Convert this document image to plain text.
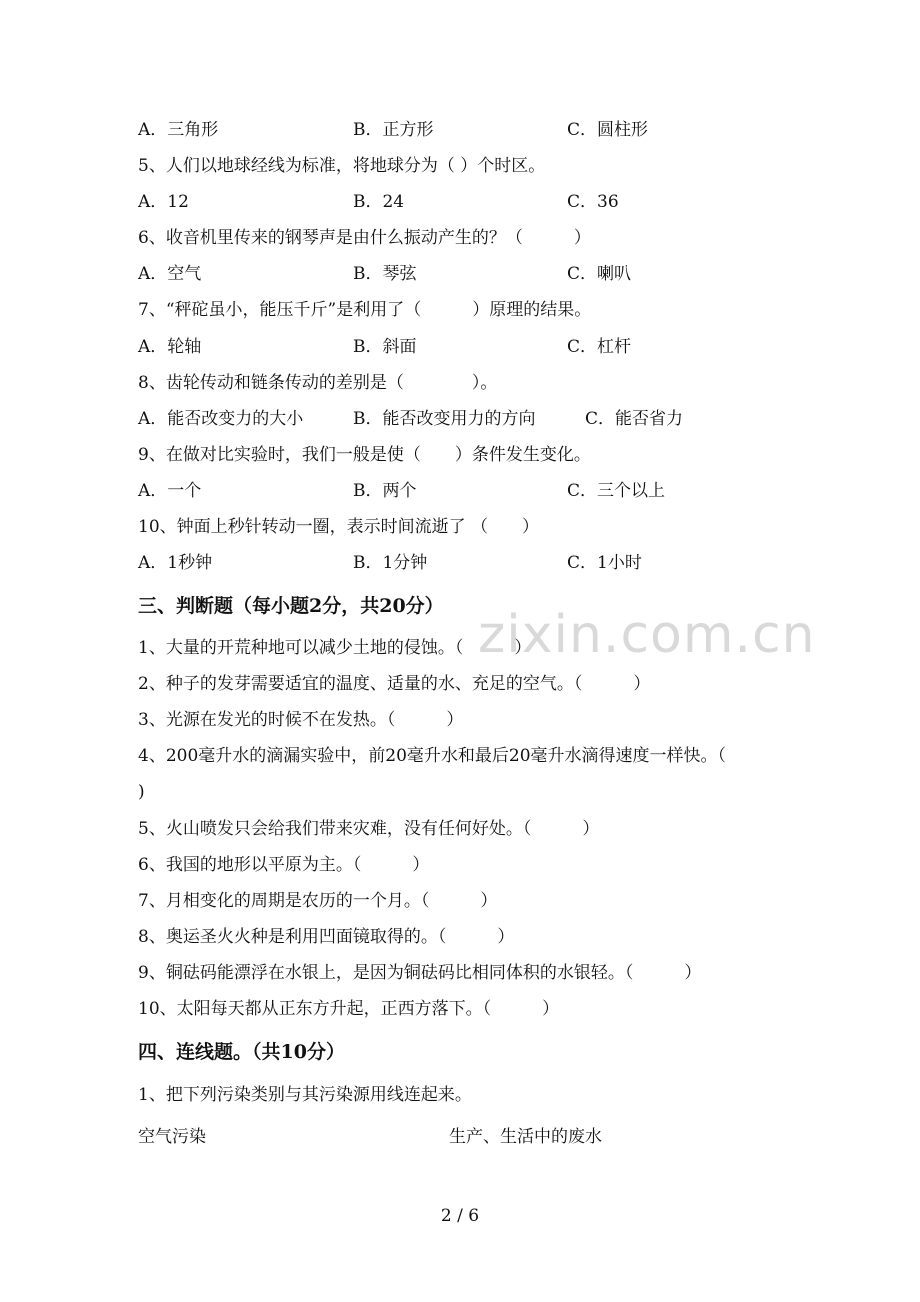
zixin.com.cn
A．三角形	B．正方形	C．圆柱形
5、人们以地球经线为标准，将地球分为（ ）个时区。
A．12	B．24	C．36
6、收音机里传来的钢琴声是由什么振动产生的？（　　　）
A．空气	B．琴弦	C．喇叭
7、“秤砣虽小，能压千斤”是利用了（　　　）原理的结果。
A．轮轴	B．斜面	C．杠杆
8、齿轮传动和链条传动的差别是（　　　　）。
A．能否改变力的大小	B．能否改变用力的方向	C．能否省力
9、在做对比实验时，我们一般是使（　　）条件发生变化。
A．一个	B．两个	C．三个以上
10、钟面上秒针转动一圈，表示时间流逝了 （　　）
A．1秒钟	B．1分钟	C．1小时
三、判断题（每小题2分，共20分）
1、大量的开荒种地可以减少土地的侵蚀。（　　　）
2、种子的发芽需要适宜的温度、适量的水、充足的空气。（　　　）
3、光源在发光的时候不在发热。（　　　）
4、200毫升水的滴漏实验中，前20毫升水和最后20毫升水滴得速度一样快。（
)
5、火山喷发只会给我们带来灾难，没有任何好处。（　　　）
6、我国的地形以平原为主。（　　　）
7、月相变化的周期是农历的一个月。（　　　）
8、奥运圣火火种是利用凹面镜取得的。（　　　）
9、铜砝码能漂浮在水银上，是因为铜砝码比相同体积的水银轻。（　　　）
10、太阳每天都从正东方升起，正西方落下。（　　　）
四、连线题。（共10分）
1、把下列污染类别与其污染源用线连起来。
空气污染	生产、生活中的废水
2 / 6
